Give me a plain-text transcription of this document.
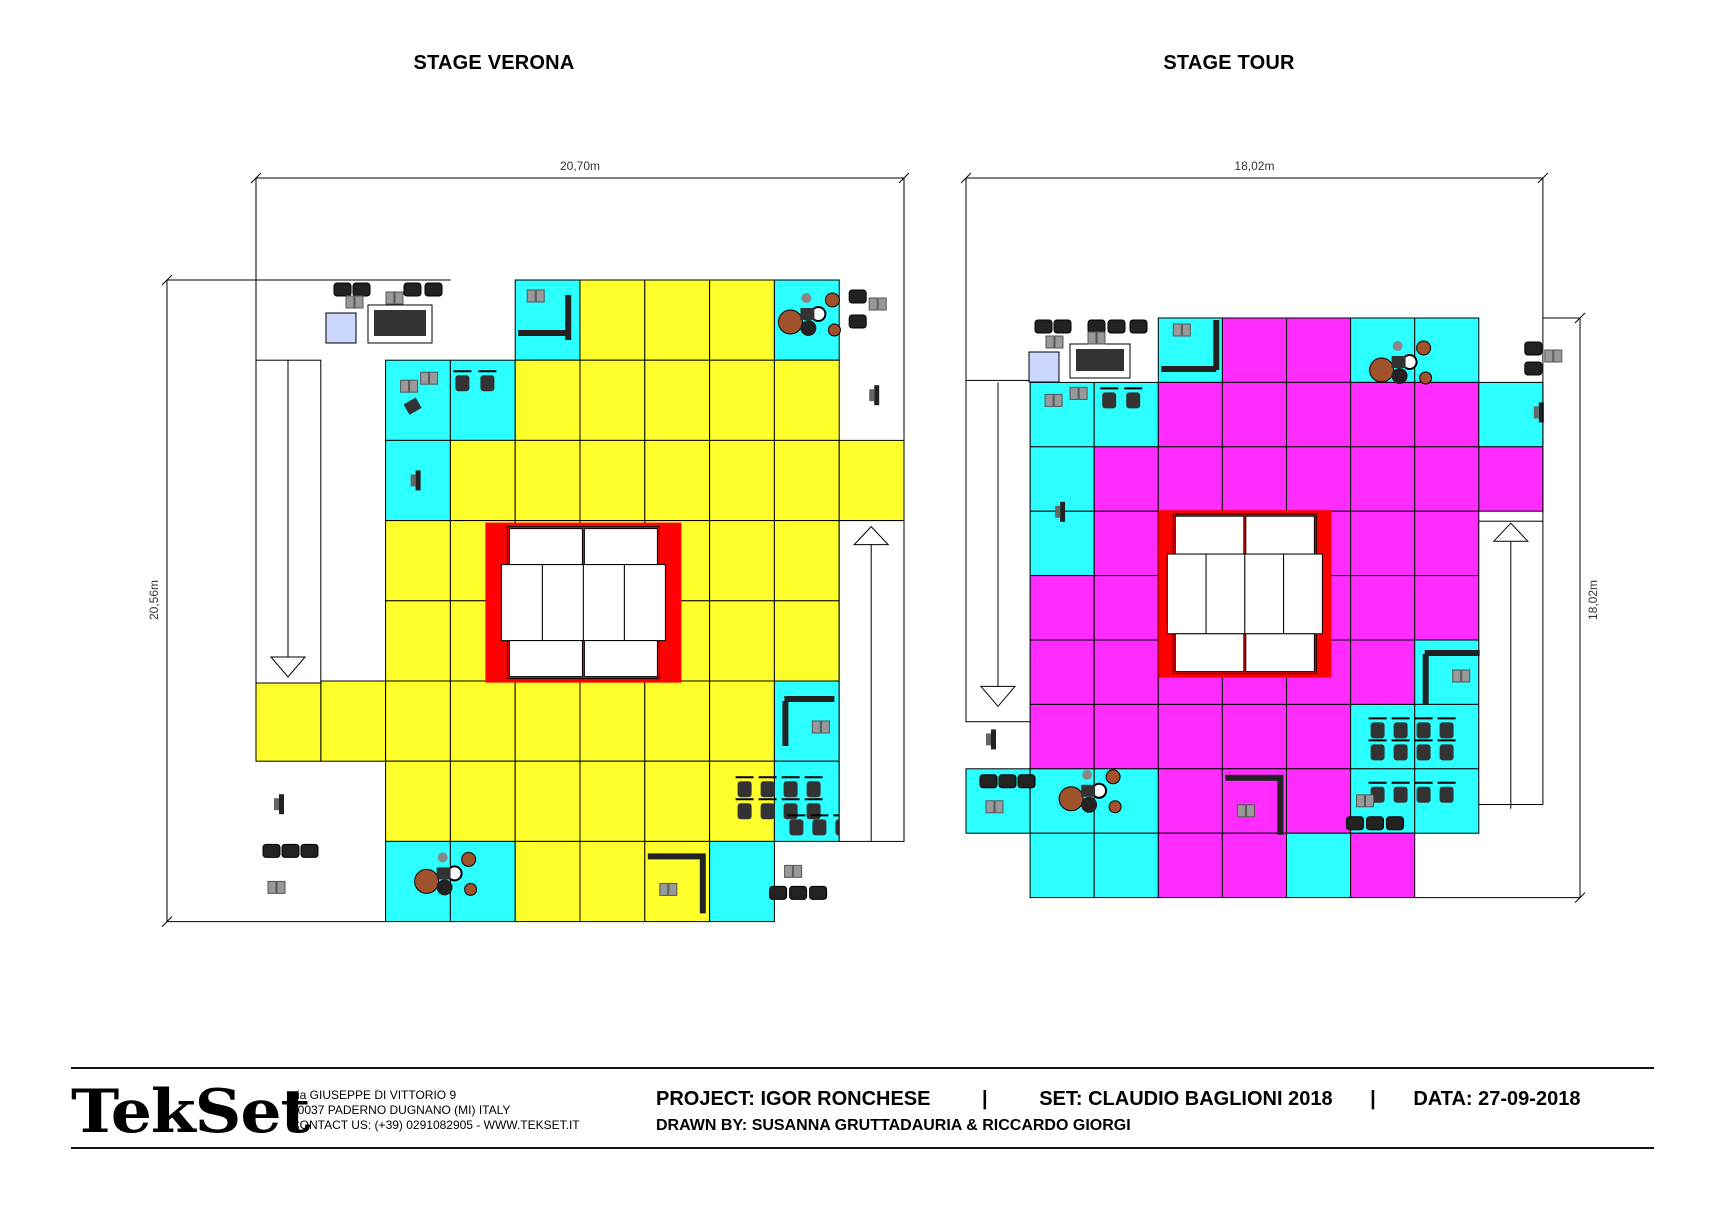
STAGE VERONA	STAGE TOUR
20,70m
20,56m
18,02m
18,02m
TekSet
via GIUSEPPE DI VITTORIO 9
20037 PADERNO DUGNANO (MI) ITALY
CONTACT US: (+39) 0291082905 - WWW.TEKSET.IT
PROJECT: IGOR RONCHESE	|	SET: CLAUDIO BAGLIONI 2018 | DATA: 27-09-2018
DRAWN BY: SUSANNA GRUTTADAURIA & RICCARDO GIORGI
